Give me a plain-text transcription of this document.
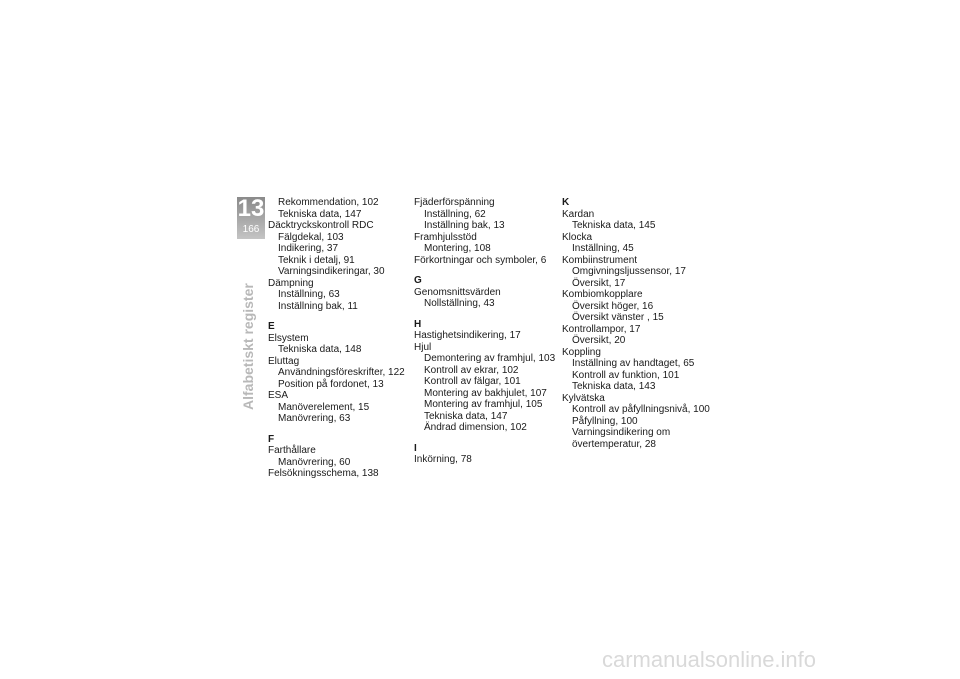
13
166
Alfabetiskt register
Rekommendation, 102
Tekniska data, 147
Däcktryckskontroll RDC
Fälgdekal, 103
Indikering, 37
Teknik i detalj, 91
Varningsindikeringar, 30
Dämpning
Inställning, 63
Inställning bak, 11
E
Elsystem
Tekniska data, 148
Eluttag
Användningsföreskrifter, 122
Position på fordonet, 13
ESA
Manöverelement, 15
Manövrering, 63
F
Farthållare
Manövrering, 60
Felsökningsschema, 138
Fjäderförspänning
Inställning, 62
Inställning bak, 13
Framhjulsstöd
Montering, 108
Förkortningar och symboler, 6
G
Genomsnittsvärden
Nollställning, 43
H
Hastighetsindikering, 17
Hjul
Demontering av framhjul, 103
Kontroll av ekrar, 102
Kontroll av fälgar, 101
Montering av bakhjulet, 107
Montering av framhjul, 105
Tekniska data, 147
Ändrad dimension, 102
I
Inkörning, 78
K
Kardan
Tekniska data, 145
Klocka
Inställning, 45
Kombiinstrument
Omgivningsljussensor, 17
Översikt, 17
Kombiomkopplare
Översikt höger, 16
Översikt vänster , 15
Kontrollampor, 17
Översikt, 20
Koppling
Inställning av handtaget, 65
Kontroll av funktion, 101
Tekniska data, 143
Kylvätska
Kontroll av påfyllningsnivå, 100
Påfyllning, 100
Varningsindikering om
övertemperatur, 28
carmanualsonline.info
